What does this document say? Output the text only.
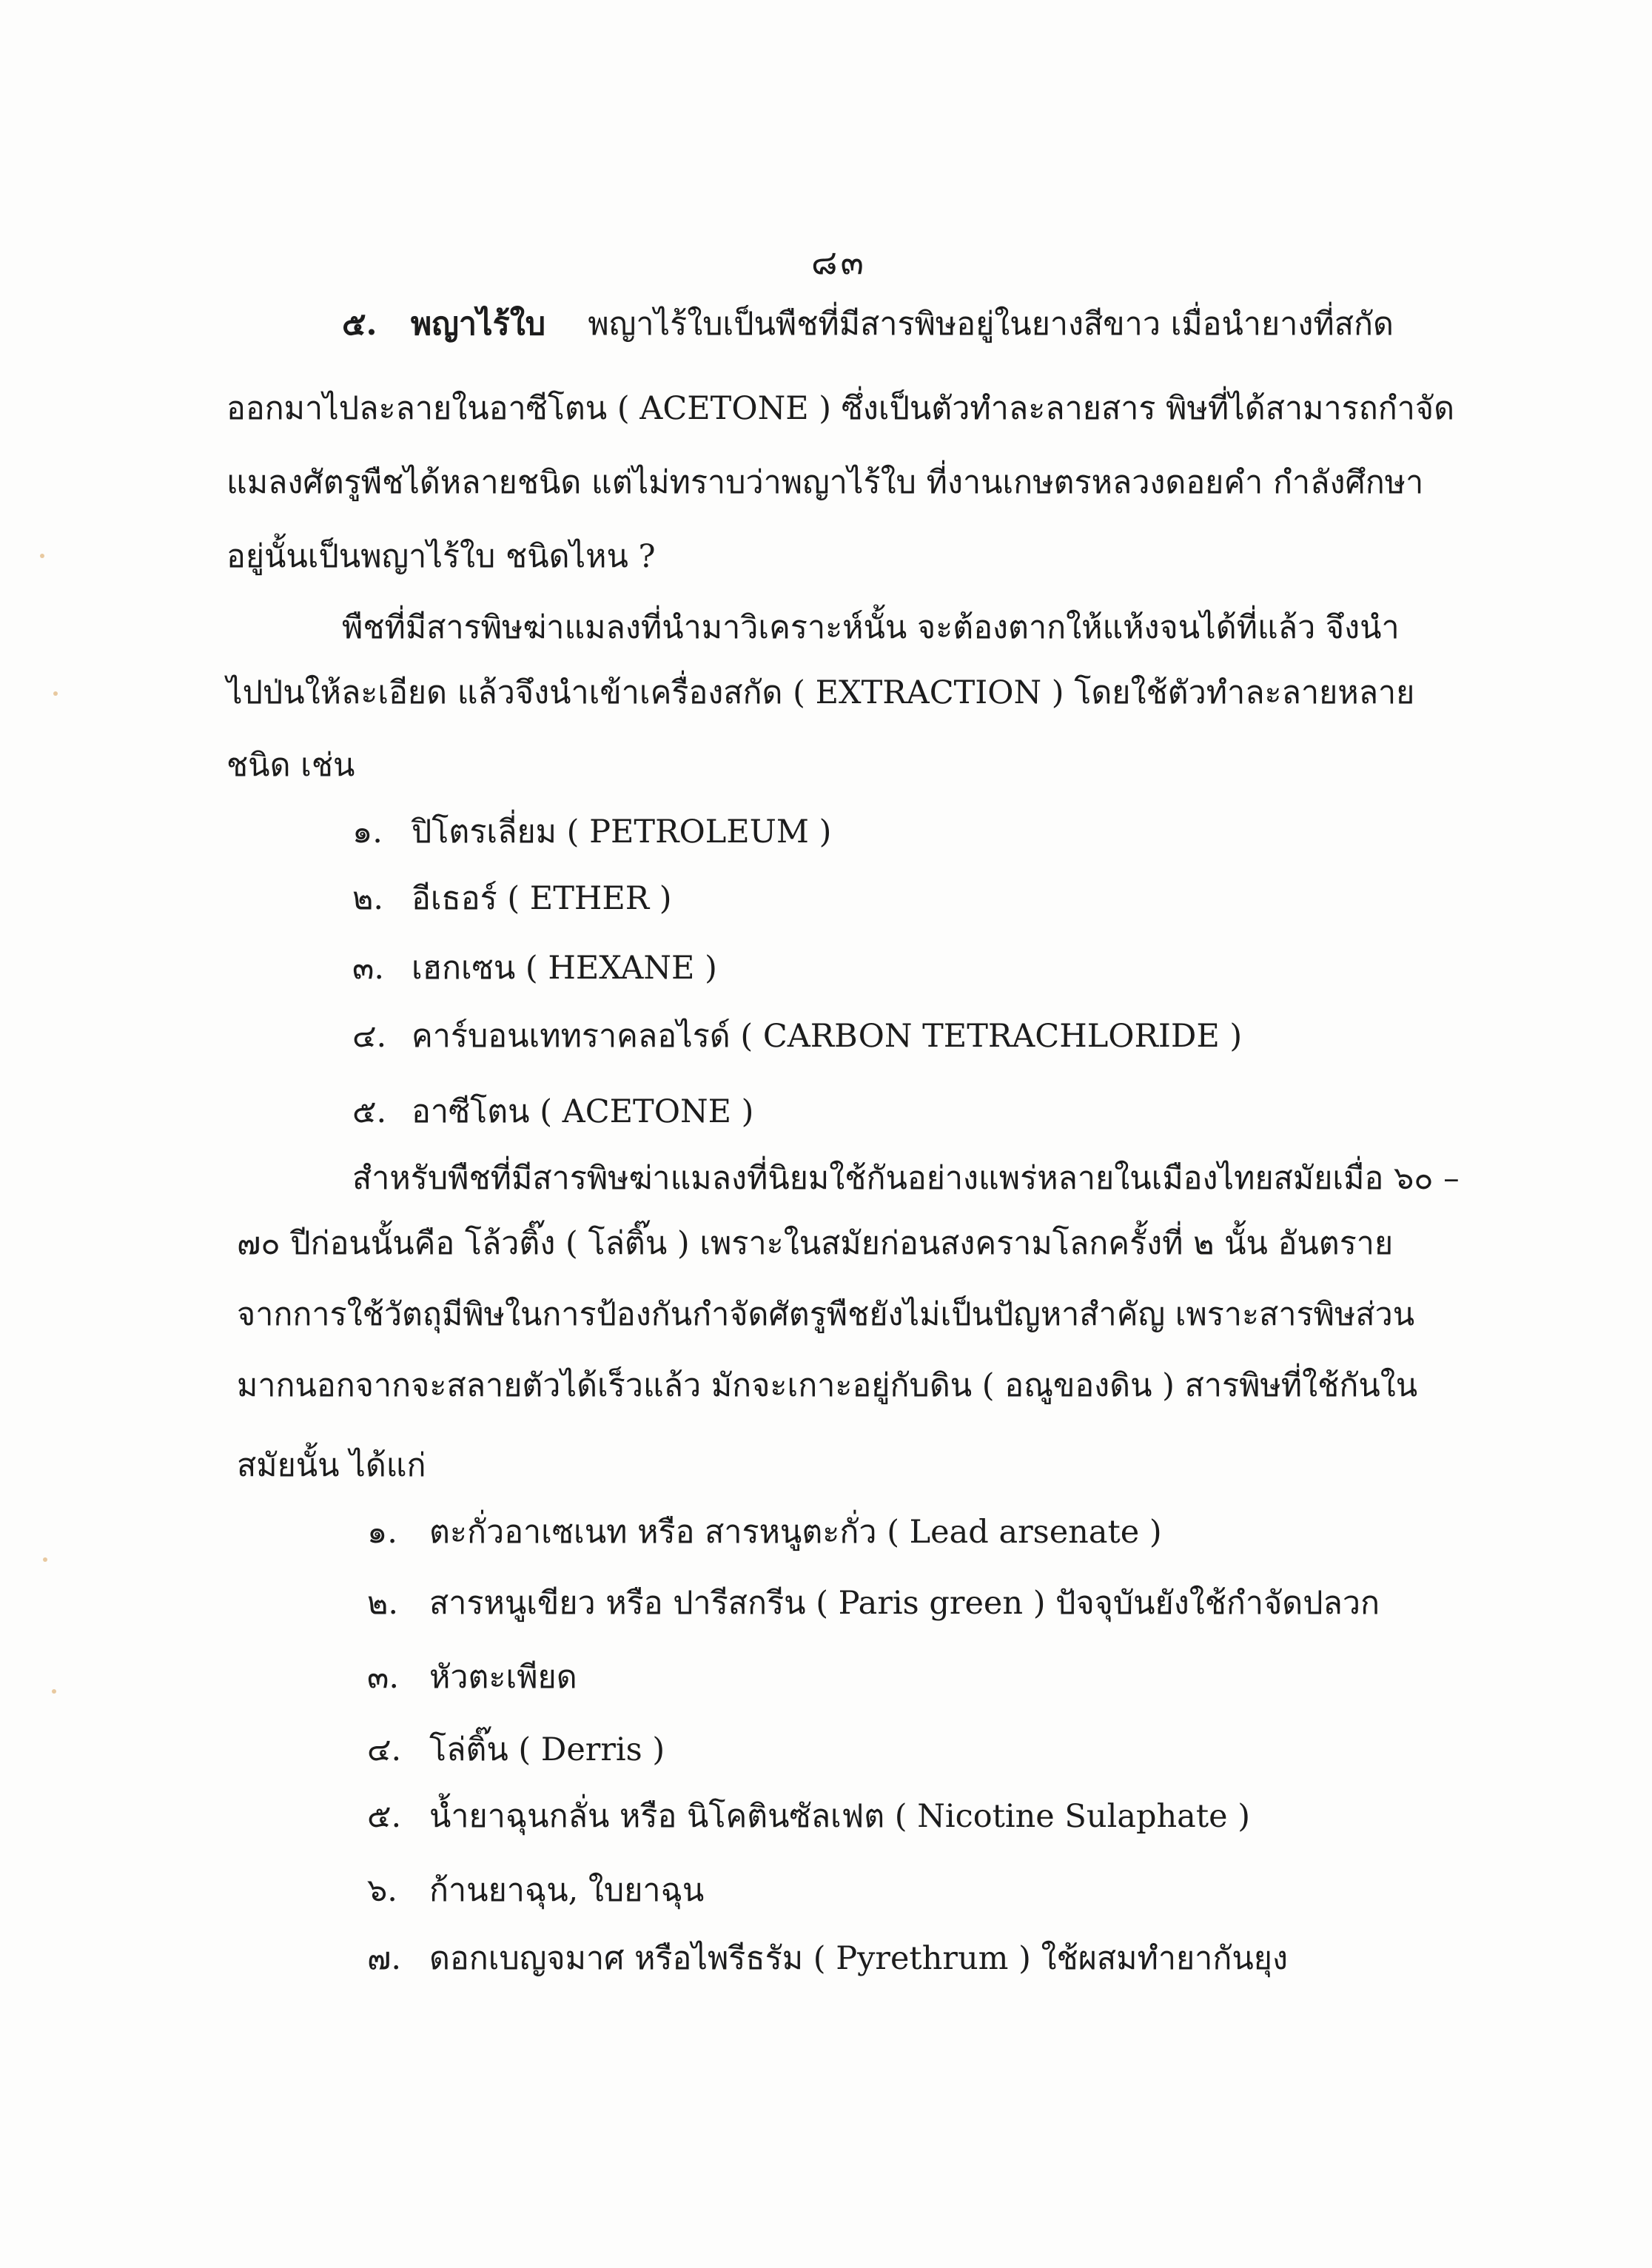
๘๓
๕. พญาไร้ใบ พญาไร้ใบเป็นพืชที่มีสารพิษอยู่ในยางสีขาว เมื่อนำยางที่สกัด
ออกมาไปละลายในอาซีโตน ( ACETONE ) ซึ่งเป็นตัวทำละลายสาร พิษที่ได้สามารถกำจัด
แมลงศัตรูพืชได้หลายชนิด แต่ไม่ทราบว่าพญาไร้ใบ ที่งานเกษตรหลวงดอยคำ กำลังศึกษา
อยู่นั้นเป็นพญาไร้ใบ ชนิดไหน ?
พืชที่มีสารพิษฆ่าแมลงที่นำมาวิเคราะห์นั้น จะต้องตากให้แห้งจนได้ที่แล้ว จึงนำ
ไปป่นให้ละเอียด แล้วจึงนำเข้าเครื่องสกัด ( EXTRACTION ) โดยใช้ตัวทำละลายหลาย
ชนิด เช่น
๑. ปิโตรเลี่ยม ( PETROLEUM )
๒. อีเธอร์ ( ETHER )
๓. เฮกเซน ( HEXANE )
๔. คาร์บอนเททราคลอไรด์ ( CARBON TETRACHLORIDE )
๕. อาซีโตน ( ACETONE )
สำหรับพืชที่มีสารพิษฆ่าแมลงที่นิยมใช้กันอย่างแพร่หลายในเมืองไทยสมัยเมื่อ ๖๐ –
๗๐ ปีก่อนนั้นคือ โล้วติ๊ง ( โล่ติ๊น ) เพราะในสมัยก่อนสงครามโลกครั้งที่ ๒ นั้น อันตราย
จากการใช้วัตถุมีพิษในการป้องกันกำจัดศัตรูพืชยังไม่เป็นปัญหาสำคัญ เพราะสารพิษส่วน
มากนอกจากจะสลายตัวได้เร็วแล้ว มักจะเกาะอยู่กับดิน ( อณูของดิน ) สารพิษที่ใช้กันใน
สมัยนั้น ได้แก่
๑. ตะกั่วอาเซเนท หรือ สารหนูตะกั่ว ( Lead arsenate )
๒. สารหนูเขียว หรือ ปารีสกรีน ( Paris green ) ปัจจุบันยังใช้กำจัดปลวก
๓. หัวตะเพียด
๔. โล่ติ๊น ( Derris )
๕. น้ำยาฉุนกลั่น หรือ นิโคตินซัลเฟต ( Nicotine Sulaphate )
๖. ก้านยาฉุน, ใบยาฉุน
๗. ดอกเบญจมาศ หรือไพรีธรัม ( Pyrethrum ) ใช้ผสมทำยากันยุง
